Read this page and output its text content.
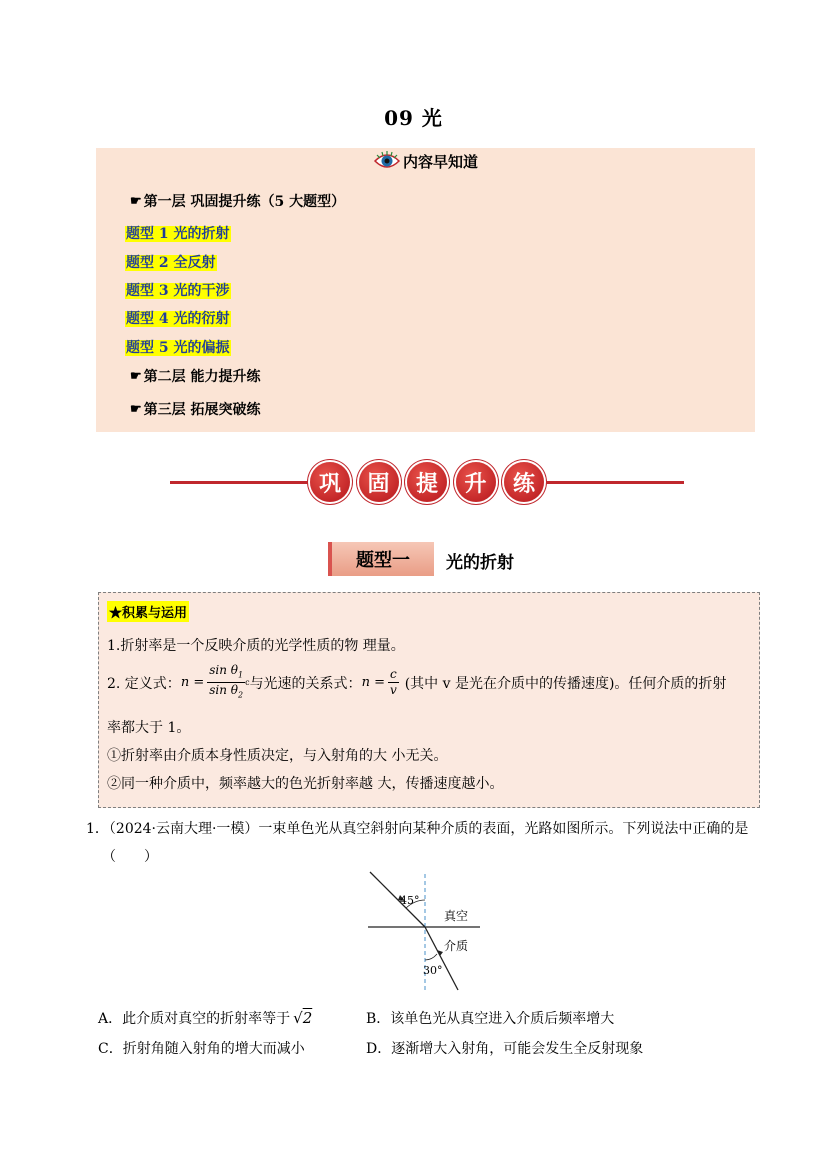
09 光
内容早知道
☛ 第一层 巩固提升练（5 大题型）
题型 1 光的折射
题型 2 全反射
题型 3 光的干涉
题型 4 光的衍射
题型 5 光的偏振
☛ 第二层 能力提升练
☛ 第三层 拓展突破练
巩	固	提	升	练
题型一	光的折射
★积累与运用
1.折射率是一个反映介质的光学性质的物 理量。
2. 定义式： $n = \frac{\sin \theta_1}{\sin \theta_2}$ c 与光速的关系式： $n = \frac{c}{v}$ (其中 v 是光在介质中的传播速度)。任何介质的折射
率都大于 1。
①折射率由介质本身性质决定，与入射角的大 小无关。
②同一种介质中，频率越大的色光折射率越 大，传播速度越小。
1．（2024·云南大理·一模）一束单色光从真空斜射向某种介质的表面，光路如图所示。下列说法中正确的是
（　　）
45°
30°
真空
介质
A．此介质对真空的折射率等于 √2	B．该单色光从真空进入介质后频率增大
C．折射角随入射角的增大而减小	D．逐渐增大入射角，可能会发生全反射现象
